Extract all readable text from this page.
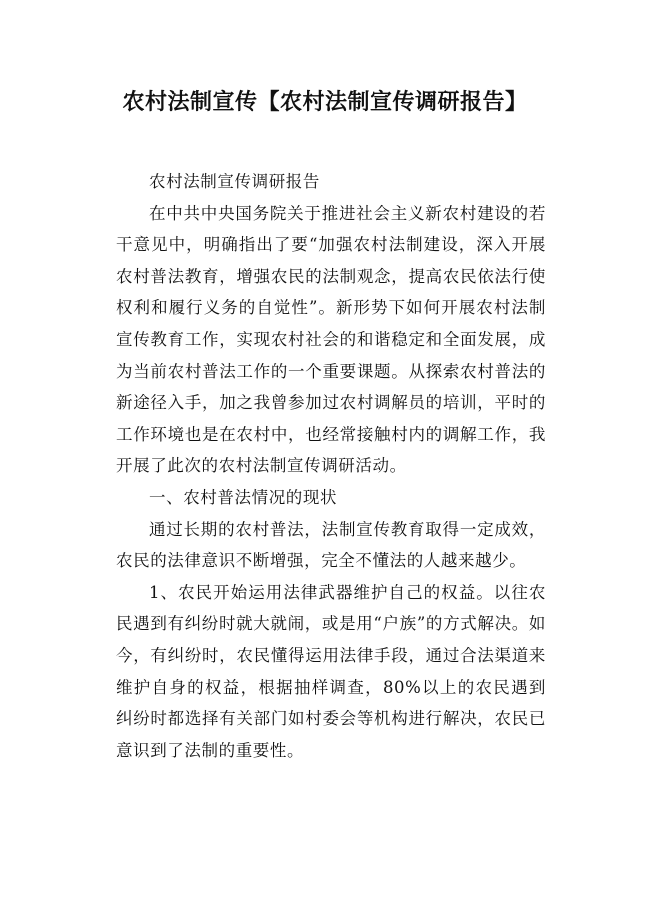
农村法制宣传【农村法制宣传调研报告】

农村法制宣传调研报告

在中共中央国务院关于推进社会主义新农村建设的若干意见中，明确指出了要“加强农村法制建设，深入开展农村普法教育，增强农民的法制观念，提高农民依法行使权利和履行义务的自觉性”。新形势下如何开展农村法制宣传教育工作，实现农村社会的和谐稳定和全面发展，成为当前农村普法工作的一个重要课题。从探索农村普法的新途径入手，加之我曾参加过农村调解员的培训，平时的工作环境也是在农村中，也经常接触村内的调解工作，我开展了此次的农村法制宣传调研活动。

一、农村普法情况的现状

通过长期的农村普法，法制宣传教育取得一定成效，农民的法律意识不断增强，完全不懂法的人越来越少。

1、农民开始运用法律武器维护自己的权益。以往农民遇到有纠纷时就大就闹，或是用“户族”的方式解决。如今，有纠纷时，农民懂得运用法律手段，通过合法渠道来维护自身的权益，根据抽样调查，80%以上的农民遇到纠纷时都选择有关部门如村委会等机构进行解决，农民已意识到了法制的重要性。
